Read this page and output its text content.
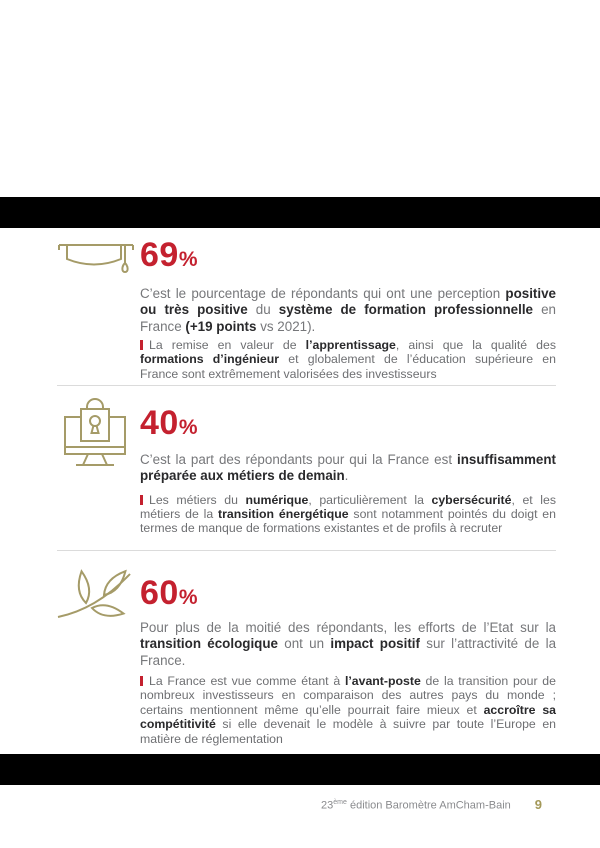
69%

C’est le pourcentage de répondants qui ont une perception positive ou très positive du système de formation professionnelle en France (+19 points vs 2021).

La remise en valeur de l’apprentissage, ainsi que la qualité des formations d’ingénieur et globalement de l’éducation supérieure en France sont extrêmement valorisées des investisseurs

40%

C’est la part des répondants pour qui la France est insuffisamment préparée aux métiers de demain.

Les métiers du numérique, particulièrement la cybersécurité, et les métiers de la transition énergétique sont notamment pointés du doigt en termes de manque de formations existantes et de profils à recruter

60%

Pour plus de la moitié des répondants, les efforts de l’Etat sur la transition écologique ont un impact positif sur l’attractivité de la France.

La France est vue comme étant à l’avant-poste de la transition pour de nombreux investisseurs en comparaison des autres pays du monde ; certains mentionnent même qu’elle pourrait faire mieux et accroître sa compétitivité si elle devenait le modèle à suivre par toute l’Europe en matière de réglementation

23ème édition Baromètre AmCham-Bain 9
